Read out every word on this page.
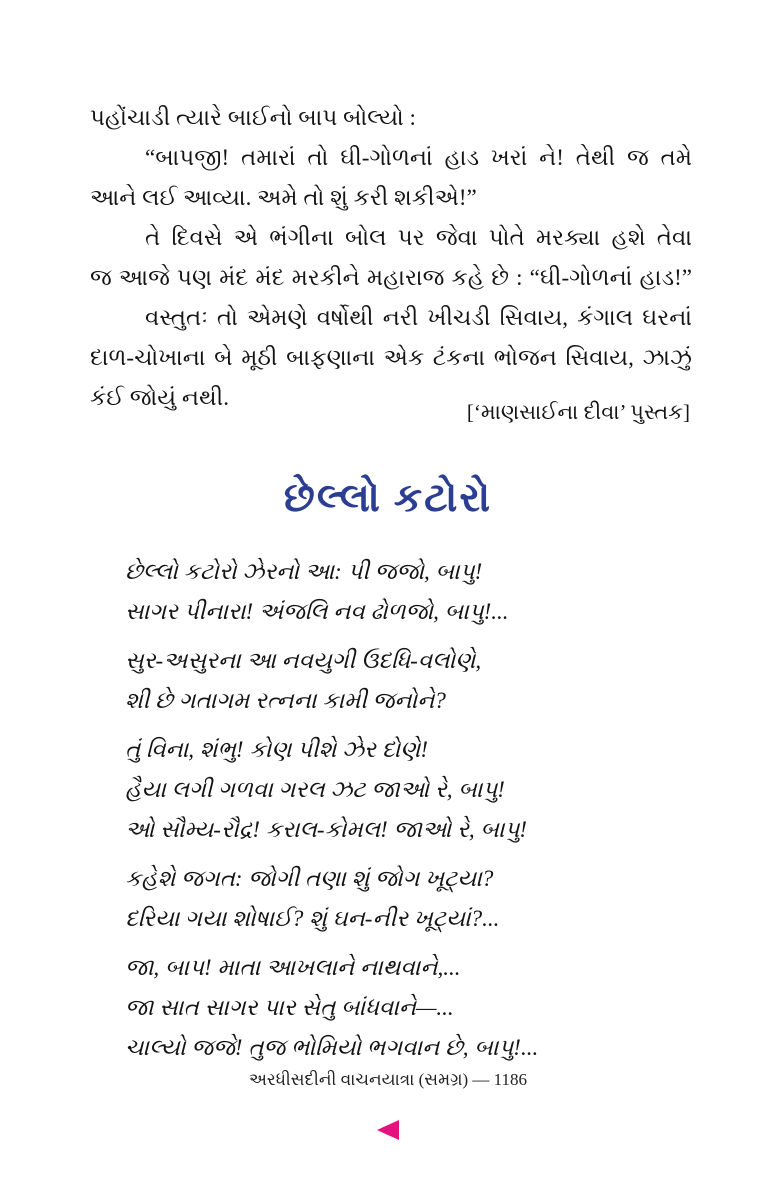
પહોંચાડી ત્યારે બાઈનો બાપ બોલ્યો :
“બાપજી! તમારાં તો ઘી-ગોળનાં હાડ ખરાં ને! તેથી જ તમે
આને લઈ આવ્યા. અમે તો શું કરી શકીએ!”
તે દિવસે એ ભંગીના બોલ પર જેવા પોતે મરક્યા હશે તેવા
જ આજે પણ મંદ મંદ મરકીને મહારાજ કહે છે : “ઘી-ગોળનાં હાડ!”
વસ્તુતઃ તો એમણે વર્ષોથી નરી ખીચડી સિવાય, કંગાલ ઘરનાં
દાળ-ચોખાના બે મૂઠી બાફણાના એક ટંકના ભોજન સિવાય, ઝાઝું
કંઈ જોયું નથી.
[‘માણસાઈના દીવા’ પુસ્તક]
છેલ્લો કટોરો
છેલ્લો કટોરો ઝેરનો આ: પી જજો, બાપુ!
સાગર પીનારા! અંજલિ નવ ઢોળજો, બાપુ!...
સુર-અસુરના આ નવયુગી ઉદધિ-વલોણે,
શી છે ગતાગમ રત્નના કામી જનોને?
તું વિના, શંભુ! કોણ પીશે ઝેર દોણે!
હૈયા લગી ગળવા ગરલ ઝટ જાઓ રે, બાપુ!
ઓ સૌમ્ય-રૌદ્ર! કરાલ-કોમલ! જાઓ રે, બાપુ!
કહેશે જગત: જોગી તણા શું જોગ ખૂટ્યા?
દરિયા ગયા શોષાઈ? શું ઘન-નીર ખૂટ્યાં?...
જા, બાપ! માતા આખલાને નાથવાને,...
જા સાત સાગર પાર સેતુ બાંધવાને—...
ચાલ્યો જજે! તુજ ભોમિયો ભગવાન છે, બાપુ!...
અરધીસદીની વાચનયાત્રા (સમગ્ર) — 1186
